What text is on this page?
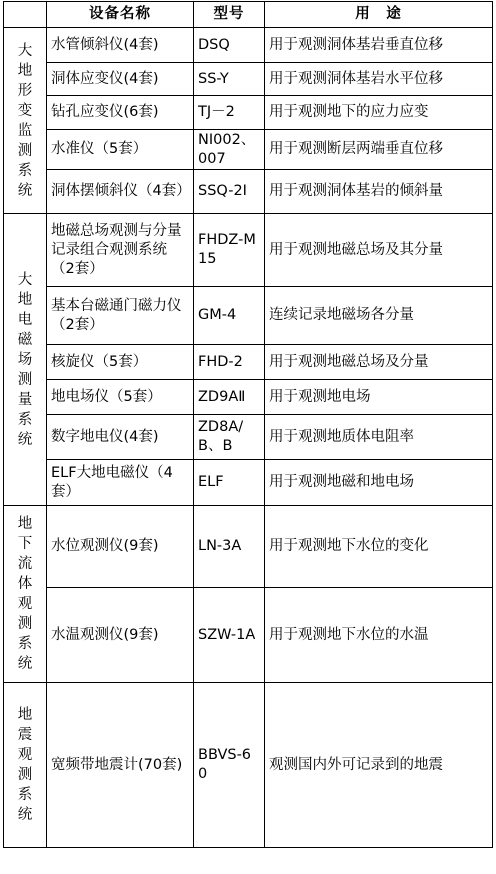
	设备名称	型号	用　途

大地形变监测系统	水管倾斜仪(4套)	DSQ	用于观测洞体基岩垂直位移
	洞体应变仪(4套)	SS-Y	用于观测洞体基岩水平位移
	钻孔应变仪(6套)	TJ－2	用于观测地下的应力应变
	水准仪（5套）	NI002、007	用于观测断层两端垂直位移
	洞体摆倾斜仪（4套）	SSQ-2I	用于观测洞体基岩的倾斜量

大地电磁场测量系统	地磁总场观测与分量记录组合观测系统（2套）	FHDZ-M15	用于观测地磁总场及其分量
	基本台磁通门磁力仪（2套）	GM-4	连续记录地磁场各分量
	核旋仪（5套）	FHD-2	用于观测地磁总场及分量
	地电场仪（5套）	ZD9AⅡ	用于观测地电场
	数字地电仪(4套)	ZD8A/B、B	用于观测地质体电阻率
	ELF大地电磁仪（4套）	ELF	用于观测地磁和地电场

地下流体观测系统	水位观测仪(9套)	LN-3A	用于观测地下水位的变化
	水温观测仪(9套)	SZW-1A	用于观测地下水位的水温

地震观测系统	宽频带地震计(70套)	BBVS-60	观测国内外可记录到的地震
